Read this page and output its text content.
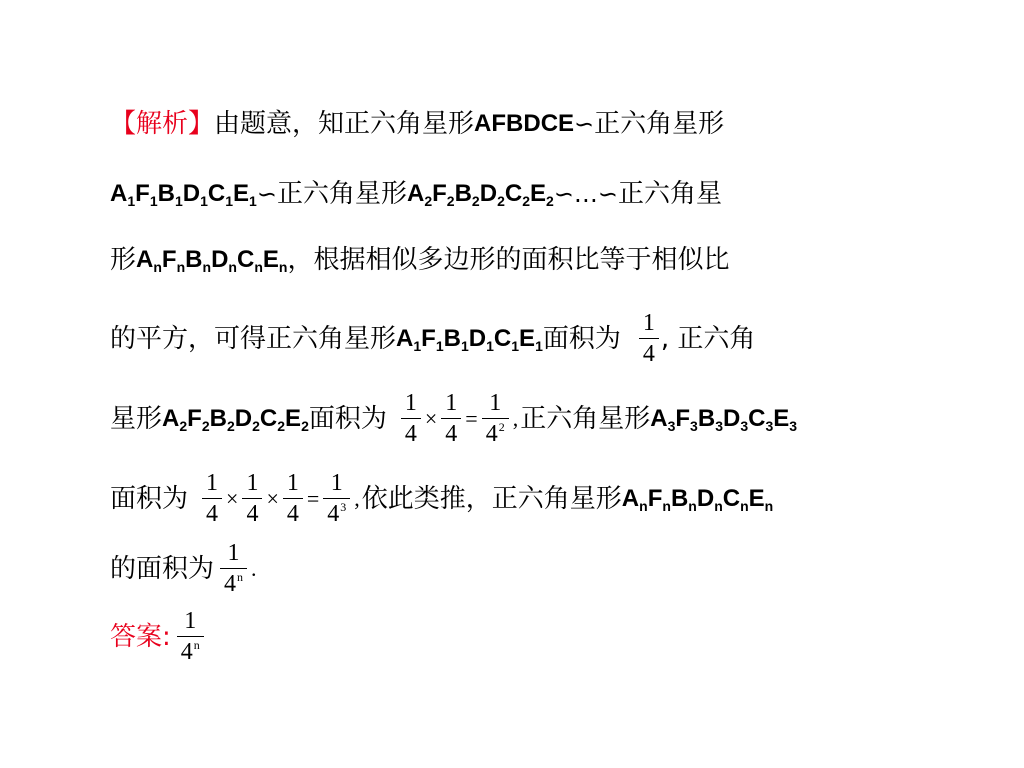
【解析】 由题意，知正六角星形 AFBDCE ∽ 正六角星形
$A_1F_1B_1D_1C_1E_1$ ∽ 正六角星形 $A_2F_2B_2D_2C_2E_2$ ∽…∽ 正六角星
形 $A_nF_nB_nD_nC_nE_n$ ，根据相似多边形的面积比等于相似比
的平方，可得正六角星形 $A_1F_1B_1D_1C_1E_1$ 面积为 $\frac{1}{4}$ , 正六角
星形 $A_2F_2B_2D_2C_2E_2$ 面积为 $\frac{1}{4} \times \frac{1}{4} = \frac{1}{4^2}$ , 正六角星形 $A_3F_3B_3D_3C_3E_3$
面积为 $\frac{1}{4} \times \frac{1}{4} \times \frac{1}{4} = \frac{1}{4^3}$ , 依此类推，正六角星形 $A_nF_nB_nD_nC_nE_n$
的面积为 $\frac{1}{4^n}$ .
答案: $\frac{1}{4^n}$
